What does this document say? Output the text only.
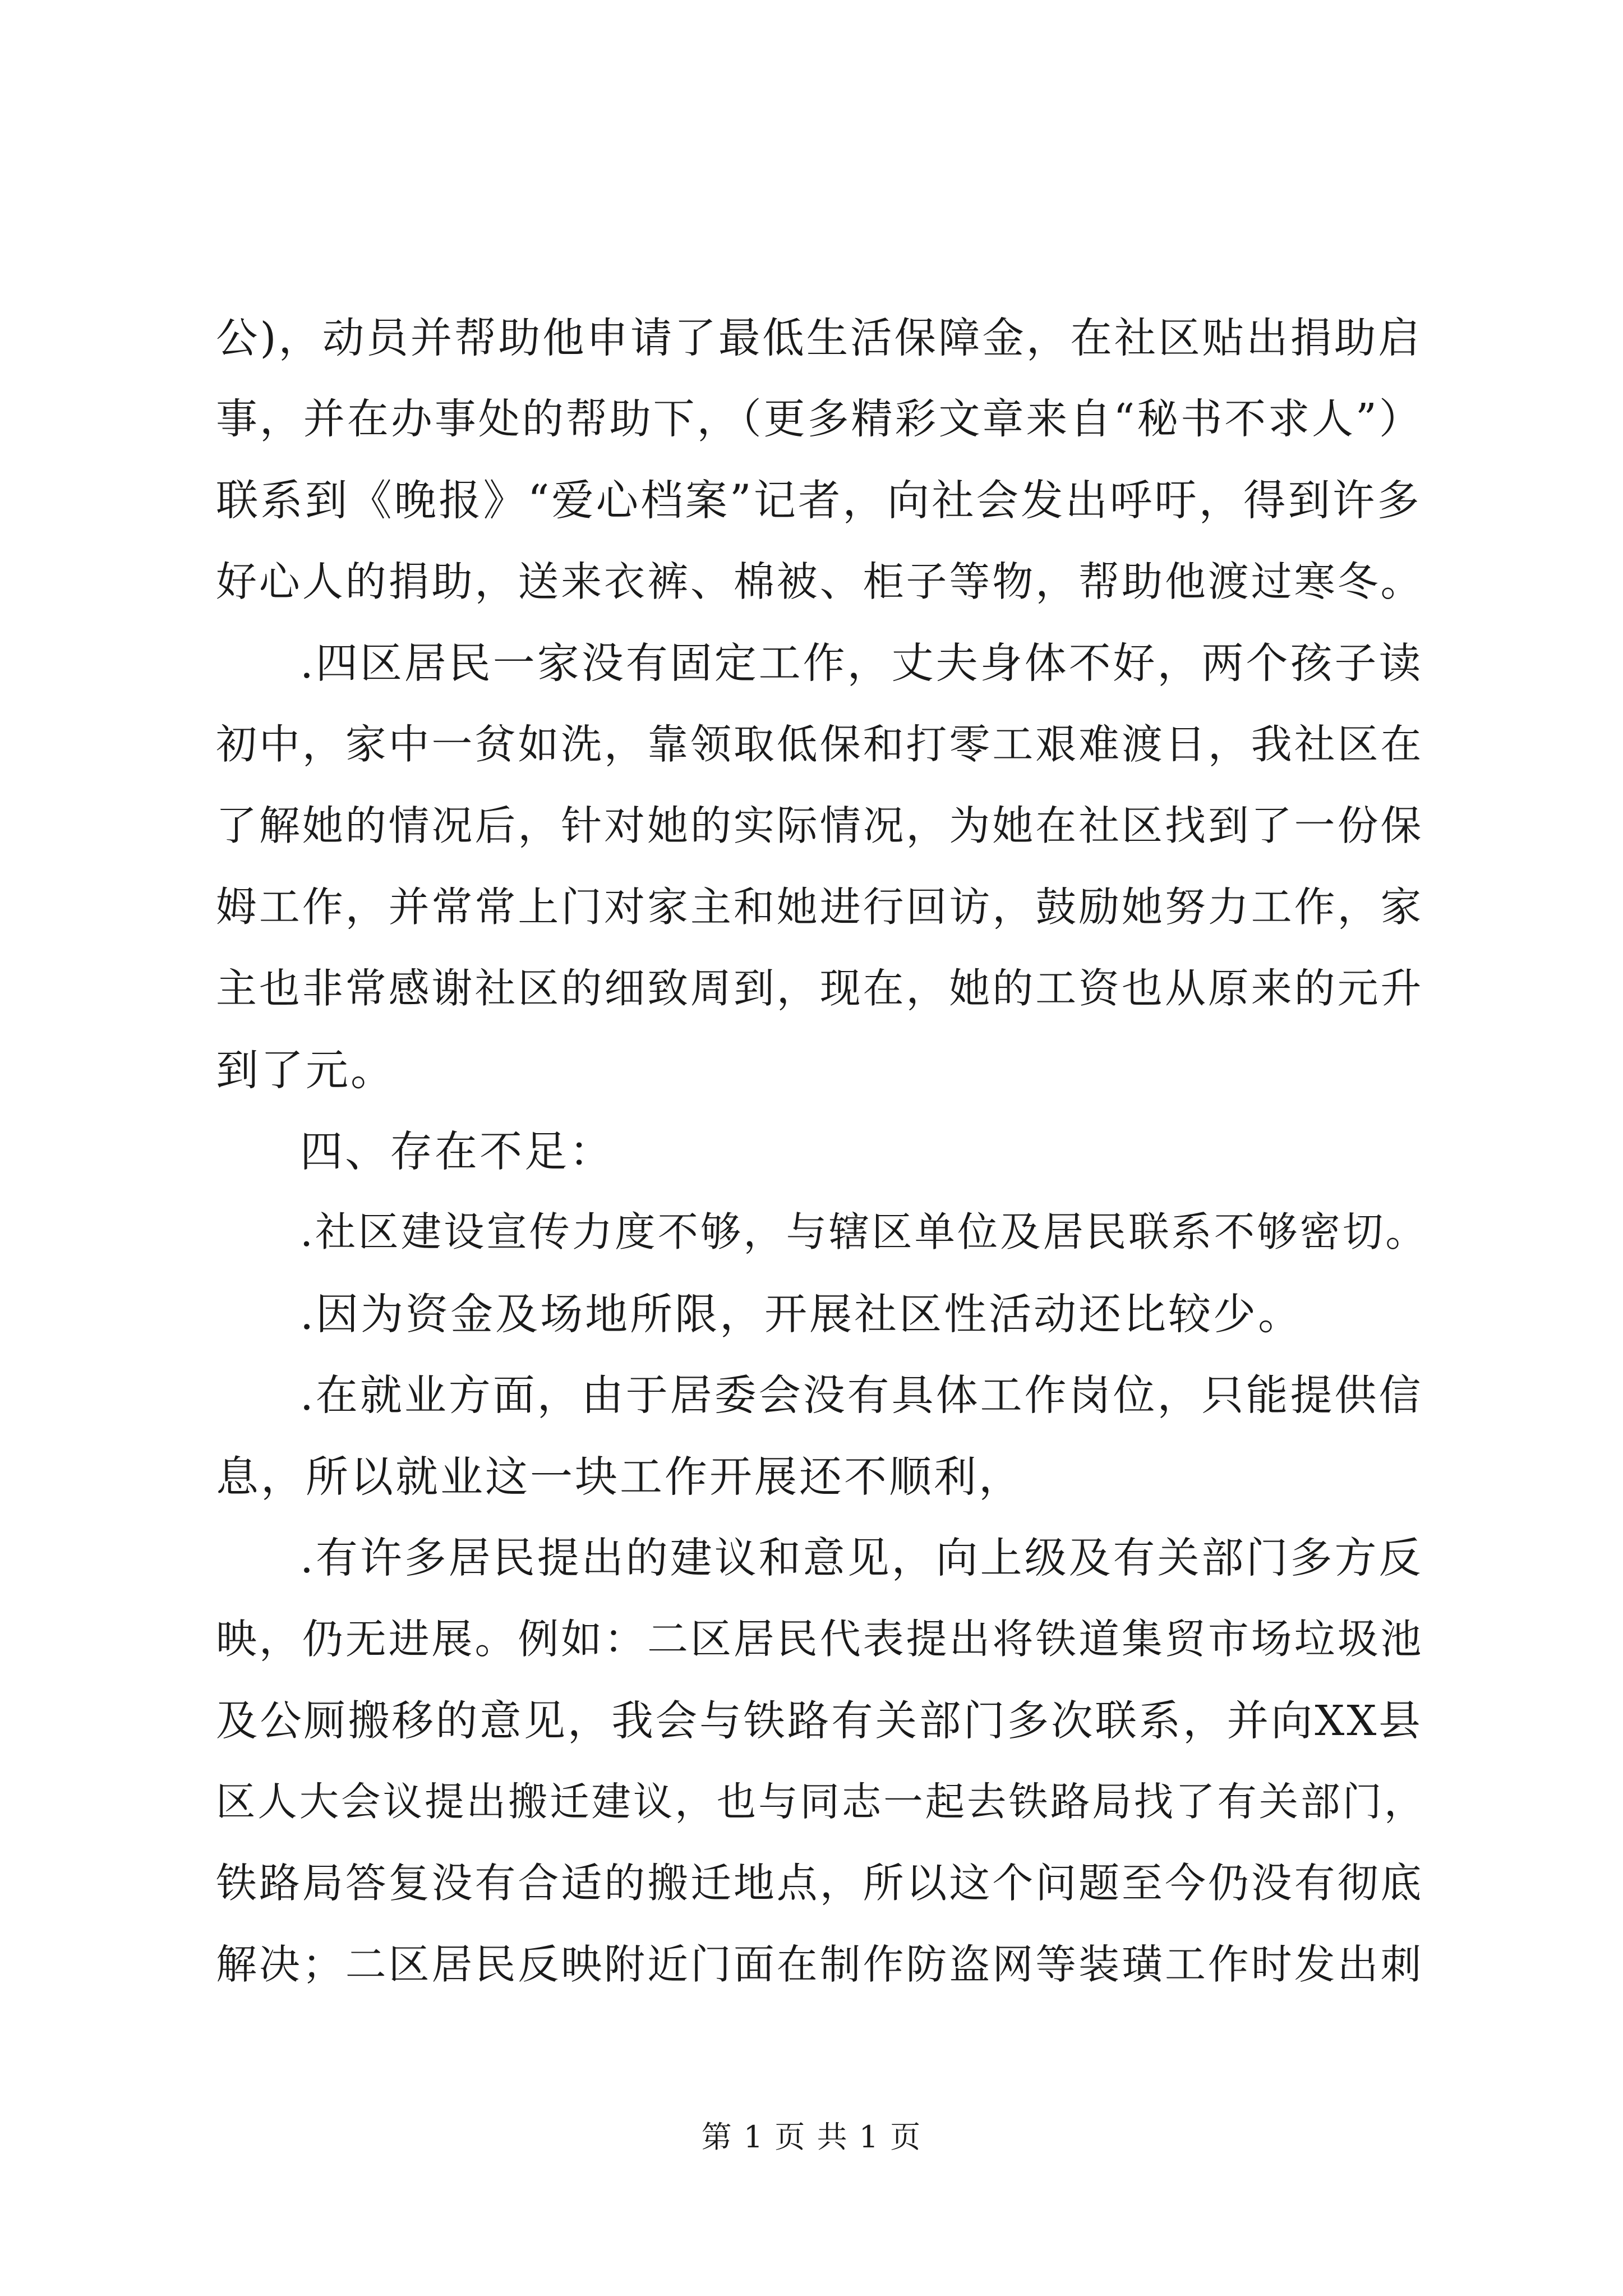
公)，动员并帮助他申请了最低生活保障金，在社区贴出捐助启
事，并在办事处的帮助下，（更多精彩文章来自“秘书不求人”）
联系到《晚报》“爱心档案”记者，向社会发出呼吁，得到许多
好心人的捐助，送来衣裤、棉被、柜子等物，帮助他渡过寒冬。
.四区居民一家没有固定工作，丈夫身体不好，两个孩子读
初中，家中一贫如洗，靠领取低保和打零工艰难渡日，我社区在
了解她的情况后，针对她的实际情况，为她在社区找到了一份保
姆工作，并常常上门对家主和她进行回访，鼓励她努力工作，家
主也非常感谢社区的细致周到，现在，她的工资也从原来的元升
到了元。
四、存在不足：
.社区建设宣传力度不够，与辖区单位及居民联系不够密切。
.因为资金及场地所限，开展社区性活动还比较少。
.在就业方面，由于居委会没有具体工作岗位，只能提供信
息，所以就业这一块工作开展还不顺利，
.有许多居民提出的建议和意见，向上级及有关部门多方反
映，仍无进展。例如：二区居民代表提出将铁道集贸市场垃圾池
及公厕搬移的意见，我会与铁路有关部门多次联系，并向XX县
区人大会议提出搬迁建议，也与同志一起去铁路局找了有关部门，
铁路局答复没有合适的搬迁地点，所以这个问题至今仍没有彻底
解决；二区居民反映附近门面在制作防盗网等装璜工作时发出刺
第 1 页 共 1 页
